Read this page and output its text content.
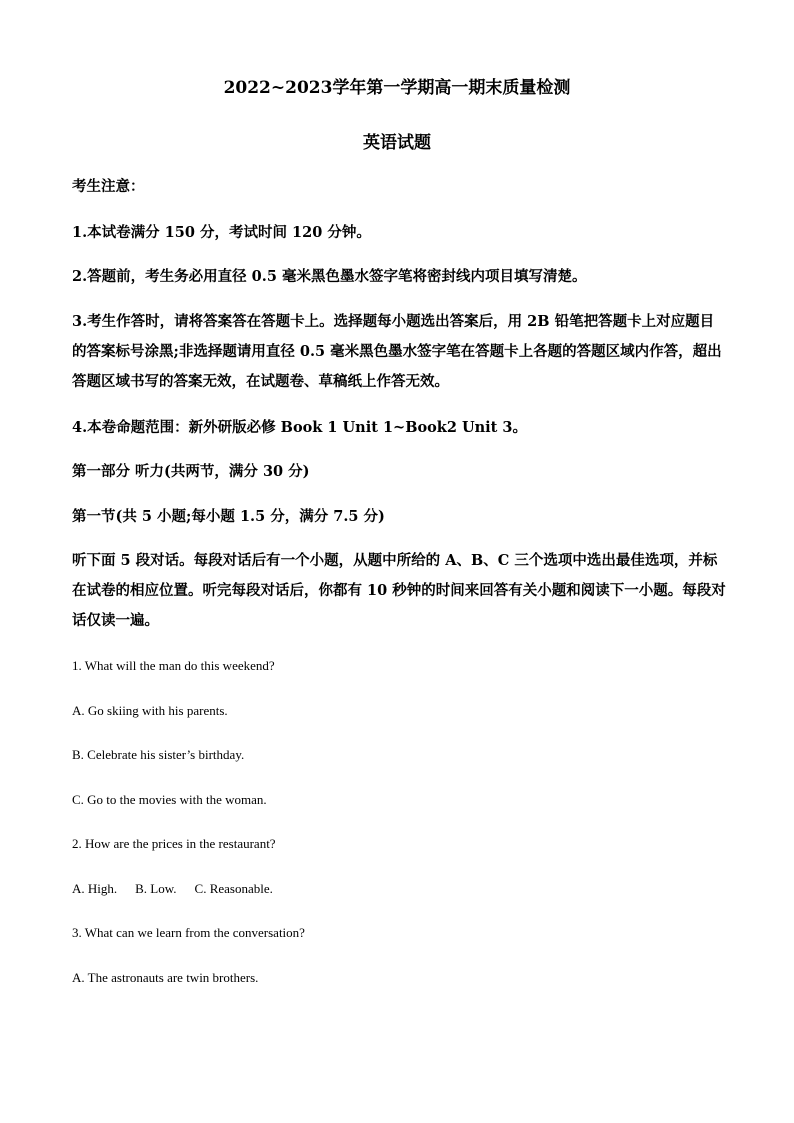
2022~2023学年第一学期高一期末质量检测
英语试题
考生注意：
1.本试卷满分 150 分，考试时间 120 分钟。
2.答题前，考生务必用直径 0.5 毫米黑色墨水签字笔将密封线内项目填写清楚。
3.考生作答时，请将答案答在答题卡上。选择题每小题选出答案后，用 2B 铅笔把答题卡上对应题目的答案标号涂黑;非选择题请用直径 0.5 毫米黑色墨水签字笔在答题卡上各题的答题区域内作答，超出答题区域书写的答案无效，在试题卷、草稿纸上作答无效。
4.本卷命题范围：新外研版必修 Book 1 Unit 1~Book2 Unit 3。
第一部分 听力(共两节，满分 30 分)
第一节(共 5 小题;每小题 1.5 分，满分 7.5 分)
听下面 5 段对话。每段对话后有一个小题，从题中所给的 A、B、C 三个选项中选出最佳选项，并标在试卷的相应位置。听完每段对话后，你都有 10 秒钟的时间来回答有关小题和阅读下一小题。每段对话仅读一遍。
1. What will the man do this weekend?
A. Go skiing with his parents.
B. Celebrate his sister’s birthday.
C. Go to the movies with the woman.
2. How are the prices in the restaurant?
A. High. B. Low. C. Reasonable.
3. What can we learn from the conversation?
A. The astronauts are twin brothers.
